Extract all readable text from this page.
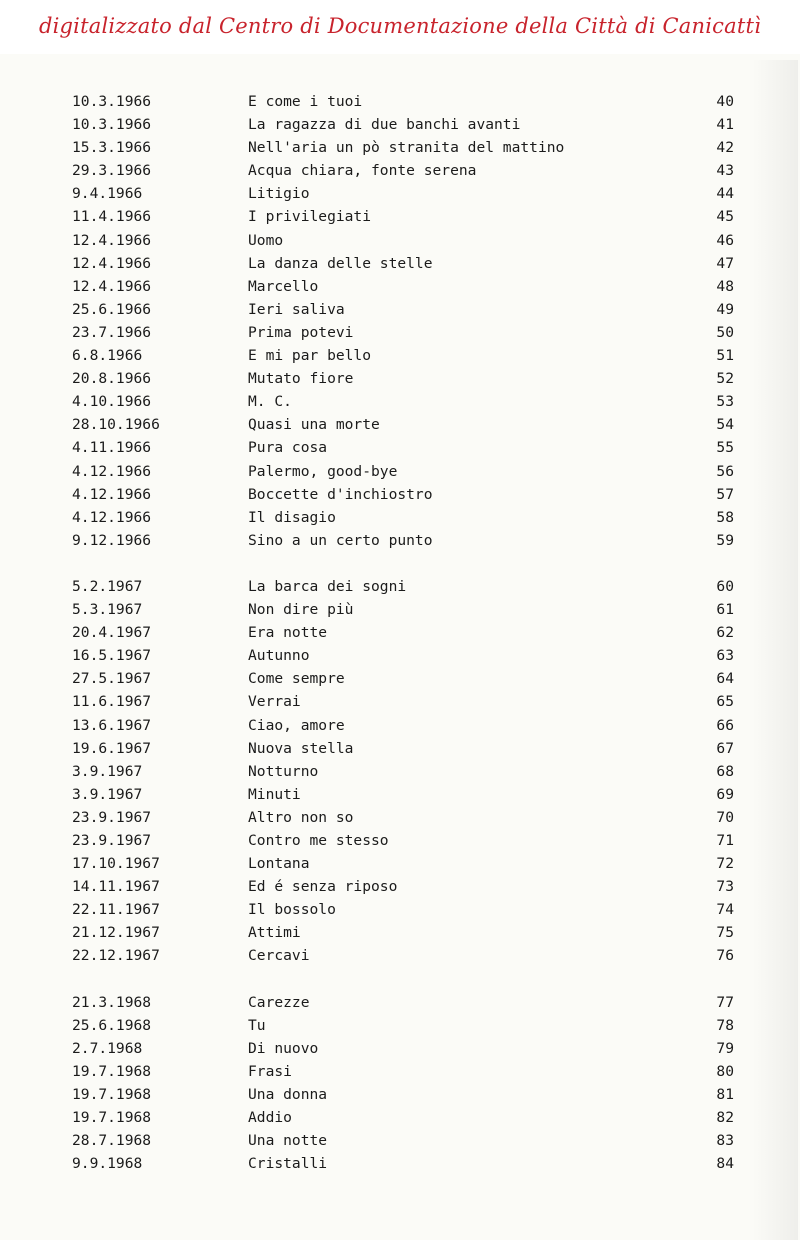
digitalizzato dal Centro di Documentazione della Città di Canicattì
10.3.1966	E come i tuoi	40
10.3.1966	La ragazza di due banchi avanti	41
15.3.1966	Nell'aria un pò stranita del mattino	42
29.3.1966	Acqua chiara, fonte serena	43
9.4.1966	Litigio	44
11.4.1966	I privilegiati	45
12.4.1966	Uomo	46
12.4.1966	La danza delle stelle	47
12.4.1966	Marcello	48
25.6.1966	Ieri saliva	49
23.7.1966	Prima potevi	50
6.8.1966	E mi par bello	51
20.8.1966	Mutato fiore	52
4.10.1966	M. C.	53
28.10.1966	Quasi una morte	54
4.11.1966	Pura cosa	55
4.12.1966	Palermo, good-bye	56
4.12.1966	Boccette d'inchiostro	57
4.12.1966	Il disagio	58
9.12.1966	Sino a un certo punto	59
5.2.1967	La barca dei sogni	60
5.3.1967	Non dire più	61
20.4.1967	Era notte	62
16.5.1967	Autunno	63
27.5.1967	Come sempre	64
11.6.1967	Verrai	65
13.6.1967	Ciao, amore	66
19.6.1967	Nuova stella	67
3.9.1967	Notturno	68
3.9.1967	Minuti	69
23.9.1967	Altro non so	70
23.9.1967	Contro me stesso	71
17.10.1967	Lontana	72
14.11.1967	Ed é senza riposo	73
22.11.1967	Il bossolo	74
21.12.1967	Attimi	75
22.12.1967	Cercavi	76
21.3.1968	Carezze	77
25.6.1968	Tu	78
2.7.1968	Di nuovo	79
19.7.1968	Frasi	80
19.7.1968	Una donna	81
19.7.1968	Addio	82
28.7.1968	Una notte	83
9.9.1968	Cristalli	84
